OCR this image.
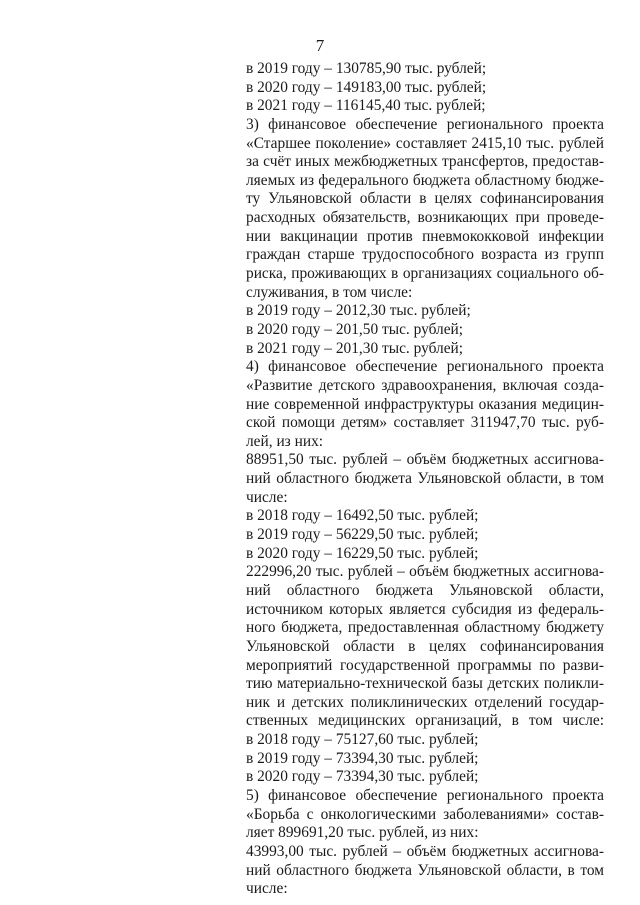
7
в 2019 году – 130785,90 тыс. рублей;
в 2020 году – 149183,00 тыс. рублей;
в 2021 году – 116145,40 тыс. рублей;
3) финансовое обеспечение регионального проекта
«Старшее поколение» составляет 2415,10 тыс. рублей
за счёт иных межбюджетных трансфертов, предостав-
ляемых из федерального бюджета областному бюдже-
ту Ульяновской области в целях софинансирования
расходных обязательств, возникающих при проведе-
нии вакцинации против пневмококковой инфекции
граждан старше трудоспособного возраста из групп
риска, проживающих в организациях социального об-
служивания, в том числе:
в 2019 году – 2012,30 тыс. рублей;
в 2020 году – 201,50 тыс. рублей;
в 2021 году – 201,30 тыс. рублей;
4) финансовое обеспечение регионального проекта
«Развитие детского здравоохранения, включая созда-
ние современной инфраструктуры оказания медицин-
ской помощи детям» составляет 311947,70 тыс. руб-
лей, из них:
88951,50 тыс. рублей – объём бюджетных ассигнова-
ний областного бюджета Ульяновской области, в том
числе:
в 2018 году – 16492,50 тыс. рублей;
в 2019 году – 56229,50 тыс. рублей;
в 2020 году – 16229,50 тыс. рублей;
222996,20 тыс. рублей – объём бюджетных ассигнова-
ний областного бюджета Ульяновской области,
источником которых является субсидия из федераль-
ного бюджета, предоставленная областному бюджету
Ульяновской области в целях софинансирования
мероприятий государственной программы по разви-
тию материально-технической базы детских поликли-
ник и детских поликлинических отделений государ-
ственных медицинских организаций, в том числе:
в 2018 году – 75127,60 тыс. рублей;
в 2019 году – 73394,30 тыс. рублей;
в 2020 году – 73394,30 тыс. рублей;
5) финансовое обеспечение регионального проекта
«Борьба с онкологическими заболеваниями» состав-
ляет 899691,20 тыс. рублей, из них:
43993,00 тыс. рублей – объём бюджетных ассигнова-
ний областного бюджета Ульяновской области, в том
числе:
